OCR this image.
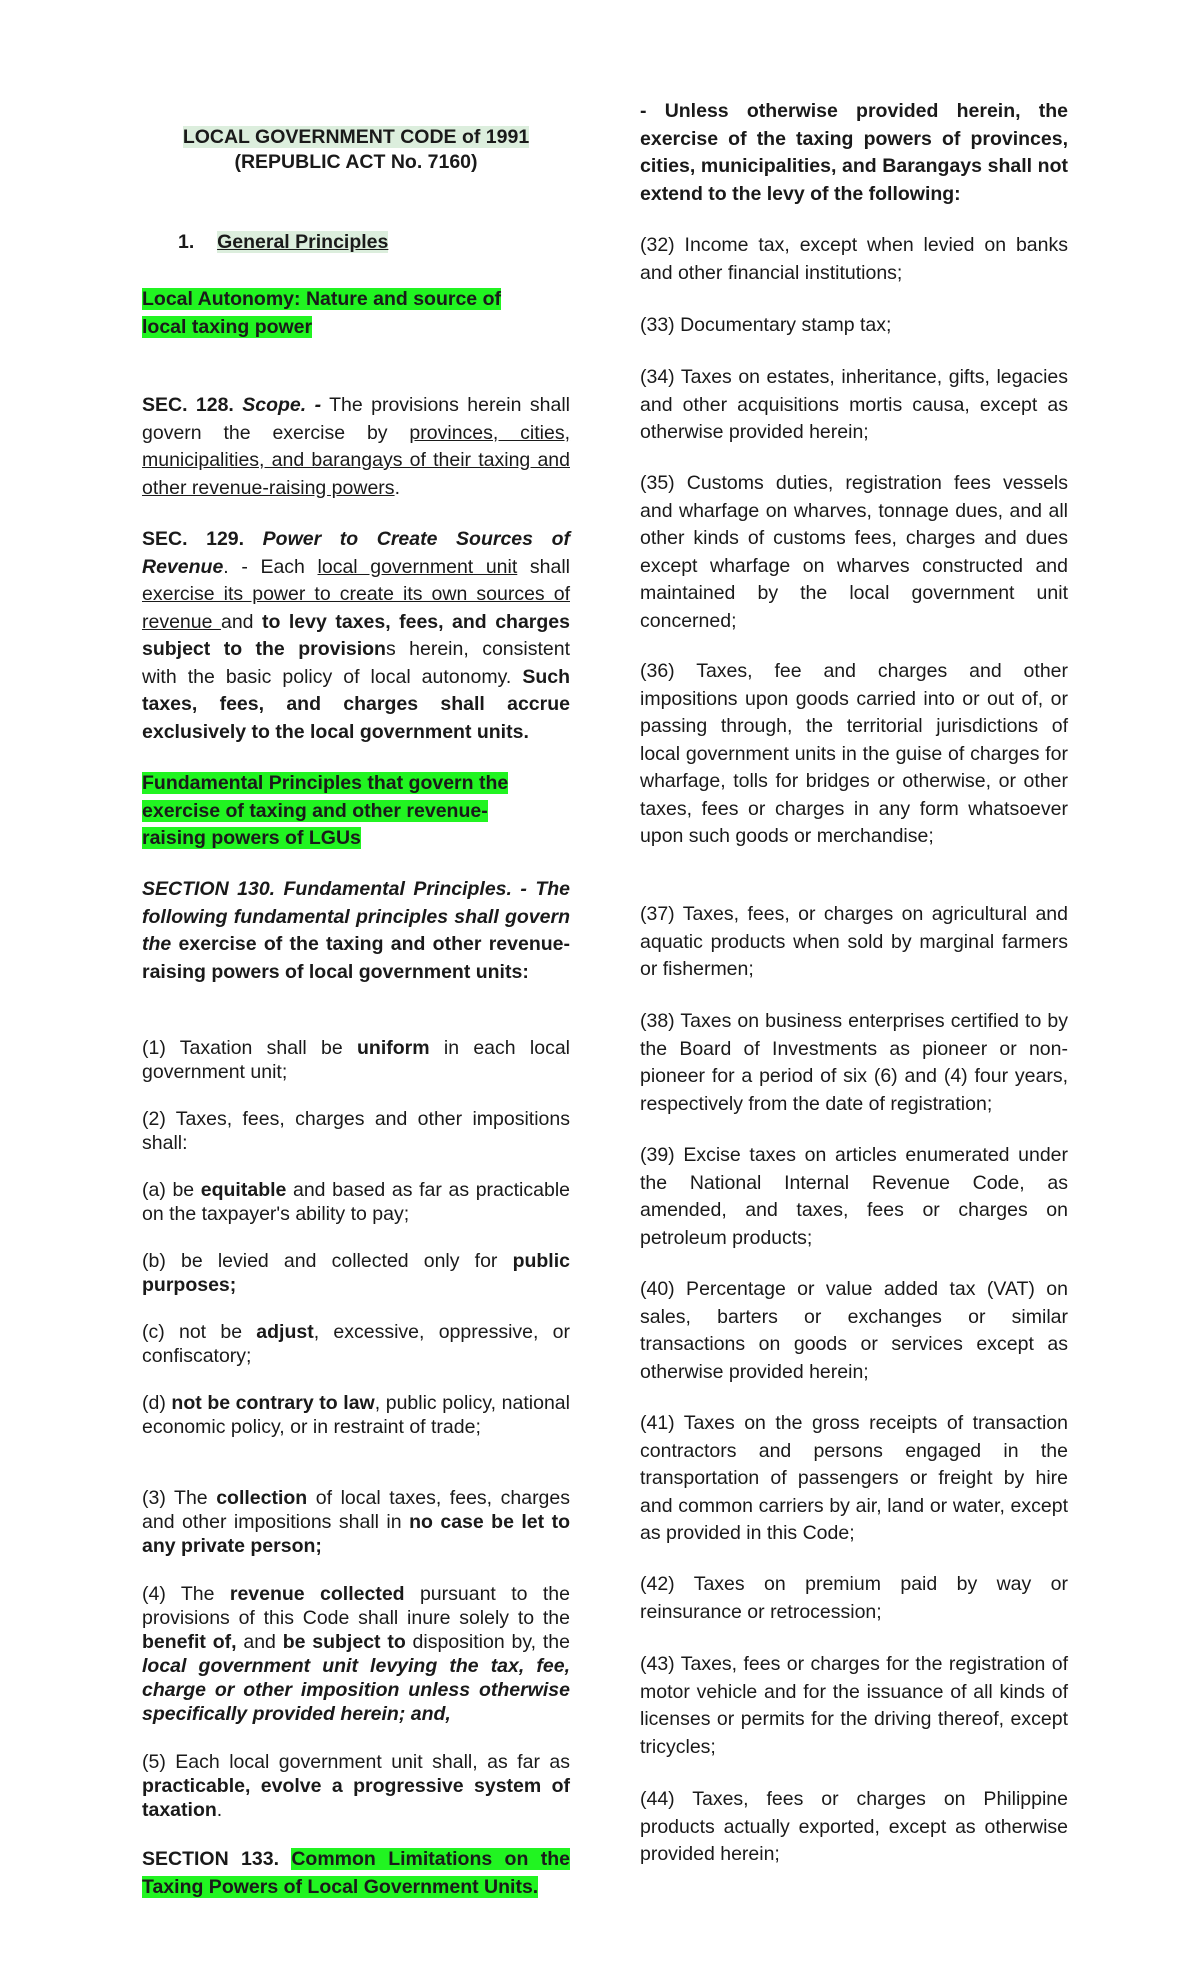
LOCAL GOVERNMENT CODE of 1991
(REPUBLIC ACT No. 7160)
1. General Principles
Local Autonomy: Nature and source of
local taxing power

SEC. 128. Scope. - The provisions herein shall govern the exercise by provinces, cities, municipalities, and barangays of their taxing and other revenue-raising powers.

SEC. 129. Power to Create Sources of Revenue. - Each local government unit shall exercise its power to create its own sources of revenue and to levy taxes, fees, and charges subject to the provisions herein, consistent with the basic policy of local autonomy. Such taxes, fees, and charges shall accrue exclusively to the local government units.

Fundamental Principles that govern the
exercise of taxing and other revenue-
raising powers of LGUs

SECTION 130. Fundamental Principles. - The following fundamental principles shall govern the exercise of the taxing and other revenue-raising powers of local government units:

(1) Taxation shall be uniform in each local government unit;

(2) Taxes, fees, charges and other impositions shall:

(a) be equitable and based as far as practicable on the taxpayer's ability to pay;

(b) be levied and collected only for public purposes;

(c) not be adjust, excessive, oppressive, or confiscatory;

(d) not be contrary to law, public policy, national economic policy, or in restraint of trade;

(3) The collection of local taxes, fees, charges and other impositions shall in no case be let to any private person;

(4) The revenue collected pursuant to the provisions of this Code shall inure solely to the benefit of, and be subject to disposition by, the local government unit levying the tax, fee, charge or other imposition unless otherwise specifically provided herein; and,

(5) Each local government unit shall, as far as practicable, evolve a progressive system of taxation.

SECTION 133. Common Limitations on the Taxing Powers of Local Government Units.

- Unless otherwise provided herein, the exercise of the taxing powers of provinces, cities, municipalities, and Barangays shall not extend to the levy of the following:

(32) Income tax, except when levied on banks and other financial institutions;

(33) Documentary stamp tax;

(34) Taxes on estates, inheritance, gifts, legacies and other acquisitions mortis causa, except as otherwise provided herein;

(35) Customs duties, registration fees vessels and wharfage on wharves, tonnage dues, and all other kinds of customs fees, charges and dues except wharfage on wharves constructed and maintained by the local government unit concerned;

(36) Taxes, fee and charges and other impositions upon goods carried into or out of, or passing through, the territorial jurisdictions of local government units in the guise of charges for wharfage, tolls for bridges or otherwise, or other taxes, fees or charges in any form whatsoever upon such goods or merchandise;

(37) Taxes, fees, or charges on agricultural and aquatic products when sold by marginal farmers or fishermen;

(38) Taxes on business enterprises certified to by the Board of Investments as pioneer or non-pioneer for a period of six (6) and (4) four years, respectively from the date of registration;

(39) Excise taxes on articles enumerated under the National Internal Revenue Code, as amended, and taxes, fees or charges on petroleum products;

(40) Percentage or value added tax (VAT) on sales, barters or exchanges or similar transactions on goods or services except as otherwise provided herein;

(41) Taxes on the gross receipts of transaction contractors and persons engaged in the transportation of passengers or freight by hire and common carriers by air, land or water, except as provided in this Code;

(42) Taxes on premium paid by way or reinsurance or retrocession;

(43) Taxes, fees or charges for the registration of motor vehicle and for the issuance of all kinds of licenses or permits for the driving thereof, except tricycles;

(44) Taxes, fees or charges on Philippine products actually exported, except as otherwise provided herein;
